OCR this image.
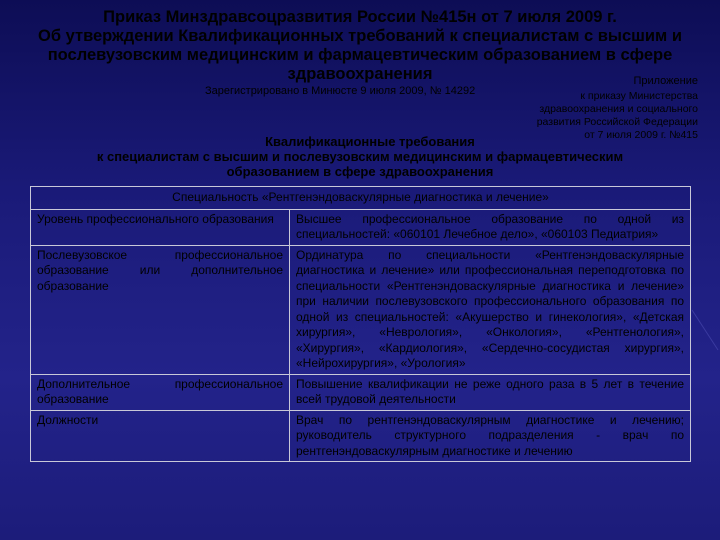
Приказ Минздравсоцразвития России №415н от 7 июля 2009 г.
Об утверждении Квалификационных требований к специалистам с высшим и
послевузовским медицинским и фармацевтическим образованием в сфере
здравоохранения
Зарегистрировано в Минюсте 9 июля 2009, № 14292
Приложение
к приказу Министерства
здравоохранения и социального
развития Российской Федерации
от 7 июля 2009 г. №415
Квалификационные требования
к специалистам с высшим и послевузовским медицинским и фармацевтическим
образованием в сфере здравоохранения
Специальность «Рентгенэндоваскулярные диагностика и лечение»	
Уровень профессионального образования	Высшее профессиональное образование по одной из специальностей: «060101 Лечебное дело», «060103 Педиатрия»
Послевузовское профессиональное образование или дополнительное образование	Ординатура по специальности «Рентгенэндоваскулярные диагностика и лечение» или профессиональная переподготовка по специальности «Рентгенэндоваскулярные диагностика и лечение» при наличии послевузовского профессионального образования по одной из специальностей: «Акушерство и гинекология», «Детская хирургия», «Неврология», «Онкология», «Рентгенология», «Хирургия», «Кардиология», «Сердечно-сосудистая хирургия», «Нейрохирургия», «Урология»
Дополнительное профессиональное образование	Повышение квалификации не реже одного раза в 5 лет в течение всей трудовой деятельности
Должности	Врач по рентгенэндоваскулярным диагностике и лечению; руководитель структурного подразделения - врач по рентгенэндоваскулярным диагностике и лечению
